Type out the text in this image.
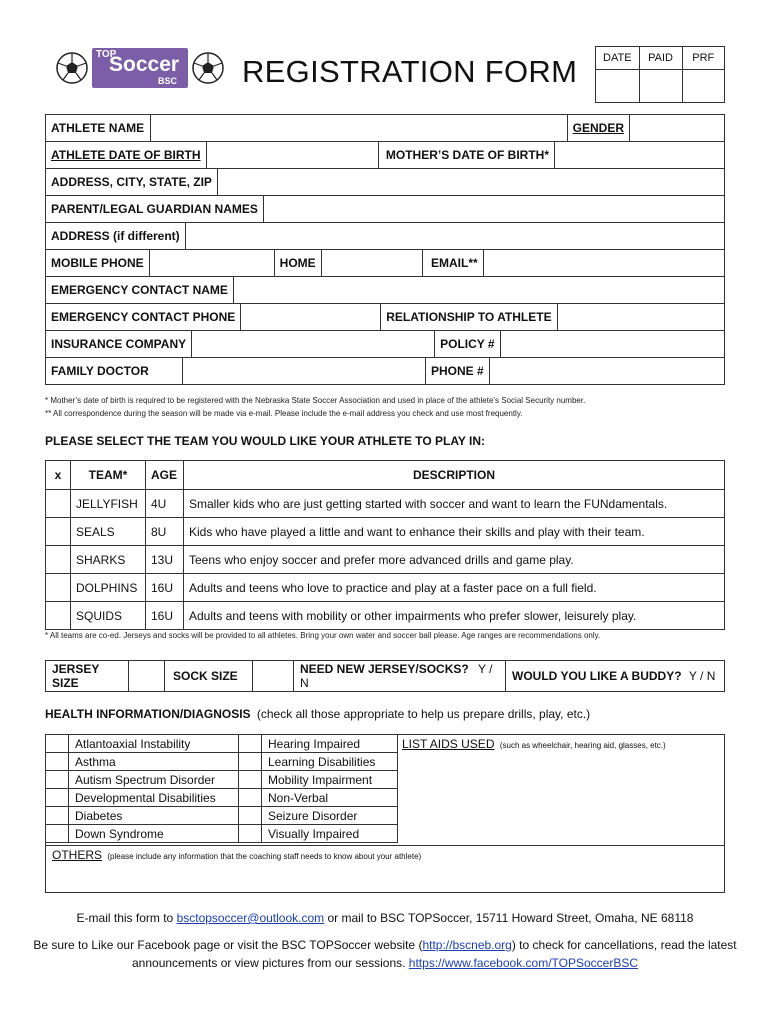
TOP
Soccer
BSC REGISTRATION FORM DATE	PAID	PRF

ATHLETE NAME		GENDER	
ATHLETE DATE OF BIRTH		MOTHER’S DATE OF BIRTH*	
ADDRESS, CITY, STATE, ZIP	
PARENT/LEGAL GUARDIAN NAMES	
ADDRESS (if different)	
MOBILE PHONE		HOME		EMAIL**	
EMERGENCY CONTACT NAME	
EMERGENCY CONTACT PHONE		RELATIONSHIP TO ATHLETE	
INSURANCE COMPANY		POLICY #	
FAMILY DOCTOR		PHONE #	
* Mother’s date of birth is required to be registered with the Nebraska State Soccer Association and used in place of the athlete’s Social Security number.
** All correspondence during the season will be made via e-mail. Please include the e-mail address you check and use most frequently.
PLEASE SELECT THE TEAM YOU WOULD LIKE YOUR ATHLETE TO PLAY IN:
x	TEAM*	AGE	DESCRIPTION
	JELLYFISH	4U	Smaller kids who are just getting started with soccer and want to learn the FUNdamentals.
	SEALS	8U	Kids who have played a little and want to enhance their skills and play with their team.
	SHARKS	13U	Teens who enjoy soccer and prefer more advanced drills and game play.
	DOLPHINS	16U	Adults and teens who love to practice and play at a faster pace on a full field.
	SQUIDS	16U	Adults and teens with mobility or other impairments who prefer slower, leisurely play.
* All teams are co-ed. Jerseys and socks will be provided to all athletes. Bring your own water and soccer ball please. Age ranges are recommendations only.
JERSEY SIZE		SOCK SIZE		NEED NEW JERSEY/SOCKS? Y / N	WOULD YOU LIKE A BUDDY? Y / N
HEALTH INFORMATION/DIAGNOSIS (check all those appropriate to help us prepare drills, play, etc.)
	Atlantoaxial Instability		Hearing Impaired
	Asthma		Learning Disabilities
	Autism Spectrum Disorder		Mobility Impairment
	Developmental Disabilities		Non-Verbal
	Diabetes		Seizure Disorder
	Down Syndrome		Visually Impaired
LIST AIDS USED (such as wheelchair, hearing aid, glasses, etc.)
OTHERS (please include any information that the coaching staff needs to know about your athlete)
E-mail this form to bsctopsoccer@outlook.com or mail to BSC TOPSoccer, 15711 Howard Street, Omaha, NE 68118
Be sure to Like our Facebook page or visit the BSC TOPSoccer website (http://bscneb.org) to check for cancellations, read the latest
announcements or view pictures from our sessions. https://www.facebook.com/TOPSoccerBSC
